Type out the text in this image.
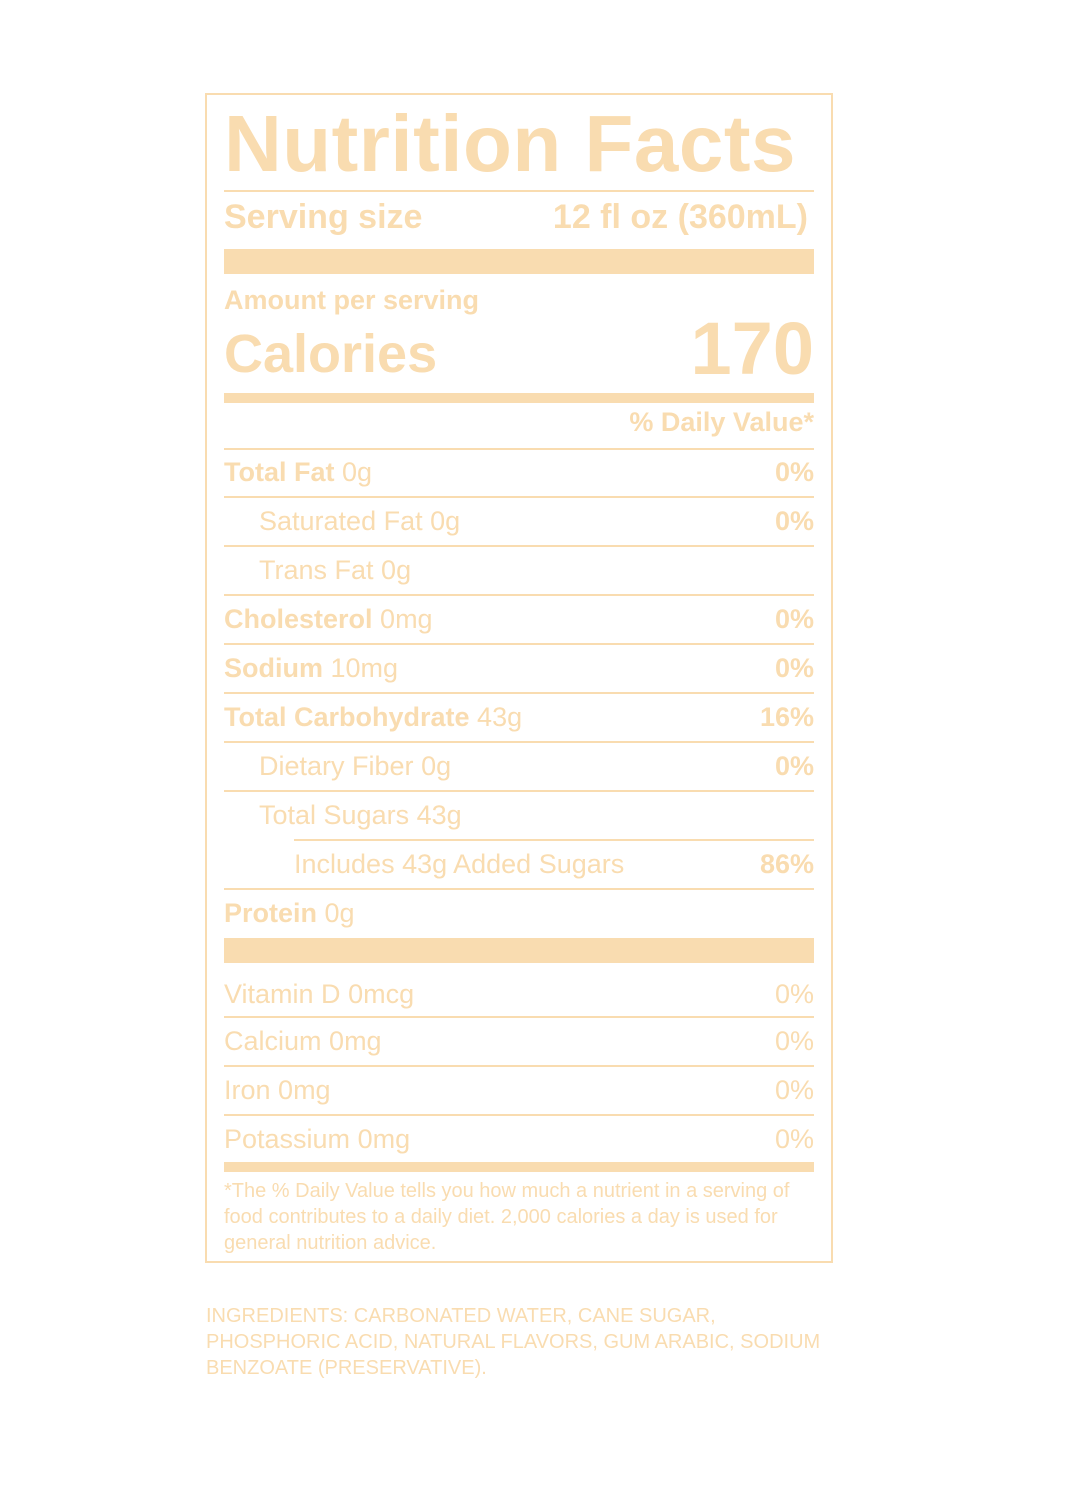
Nutrition Facts
Serving size	12 fl oz (360mL)
Amount per serving
Calories	170
% Daily Value*
Total Fat 0g	0%
Saturated Fat 0g	0%
Trans Fat 0g
Cholesterol 0mg	0%
Sodium 10mg	0%
Total Carbohydrate 43g	16%
Dietary Fiber 0g	0%
Total Sugars 43g
Includes 43g Added Sugars	86%
Protein 0g
Vitamin D 0mcg	0%
Calcium 0mg	0%
Iron 0mg	0%
Potassium 0mg	0%
*The % Daily Value tells you how much a nutrient in a serving of food contributes to a daily diet. 2,000 calories a day is used for general nutrition advice.
INGREDIENTS: CARBONATED WATER, CANE SUGAR, PHOSPHORIC ACID, NATURAL FLAVORS, GUM ARABIC, SODIUM BENZOATE (PRESERVATIVE).
